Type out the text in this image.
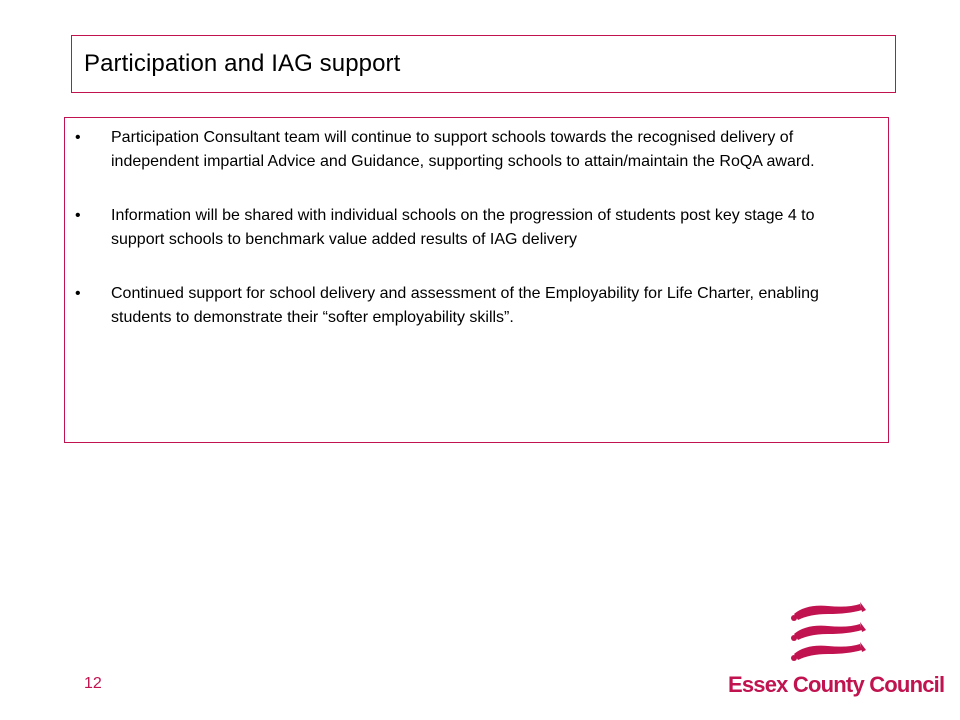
Participation and IAG support
•	Participation Consultant team will continue to support schools towards the recognised delivery of independent impartial Advice and Guidance, supporting schools to attain/maintain the RoQA award.
•	Information will be shared with individual schools on the progression of students post key stage 4 to support schools to benchmark value added results of IAG delivery
•	Continued support for school delivery and assessment of the Employability for Life Charter, enabling students to demonstrate their “softer employability skills”.
12	Essex County Council
